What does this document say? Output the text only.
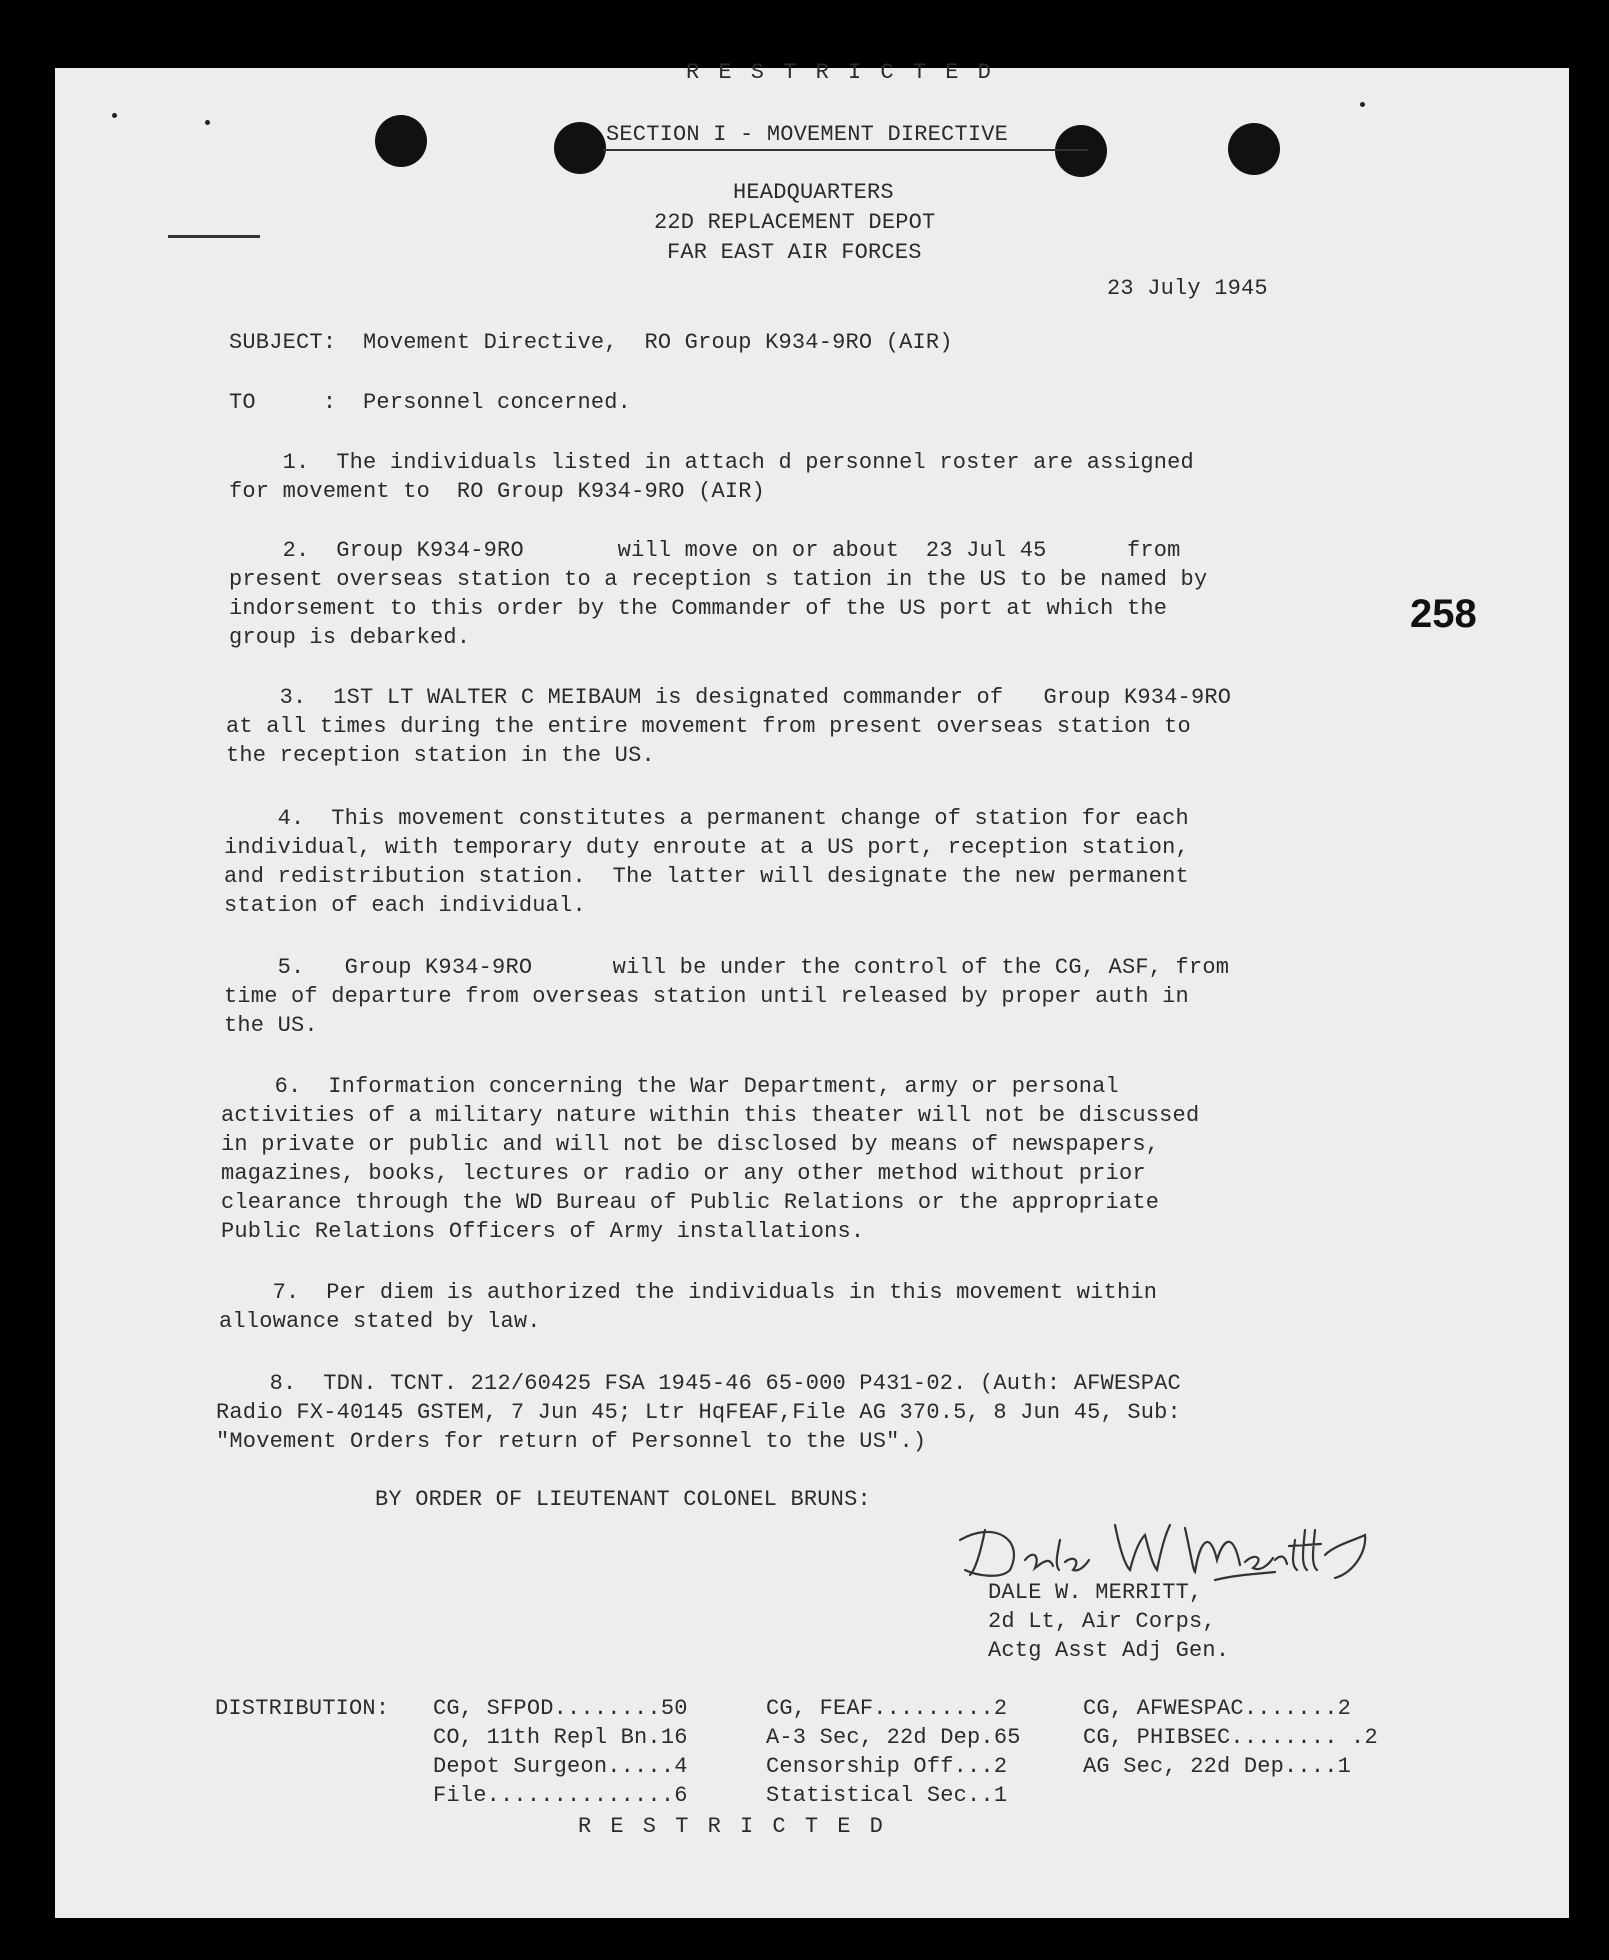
R E S T R I C T E D
SECTION I - MOVEMENT DIRECTIVE
HEADQUARTERS
22D REPLACEMENT DEPOT
FAR EAST AIR FORCES
23 July 1945
SUBJECT:  Movement Directive,  RO Group K934-9RO (AIR)
TO     :  Personnel concerned.
1.  The individuals listed in attach d personnel roster are assigned
for movement to  RO Group K934-9RO (AIR)
2.  Group K934-9RO       will move on or about  23 Jul 45      from
present overseas station to a reception s tation in the US to be named by
indorsement to this order by the Commander of the US port at which the
group is debarked.
258
3.  1ST LT WALTER C MEIBAUM is designated commander of   Group K934-9RO
at all times during the entire movement from present overseas station to
the reception station in the US.
4.  This movement constitutes a permanent change of station for each
individual, with temporary duty enroute at a US port, reception station,
and redistribution station.  The latter will designate the new permanent
station of each individual.
5.   Group K934-9RO      will be under the control of the CG, ASF, from
time of departure from overseas station until released by proper auth in
the US.
6.  Information concerning the War Department, army or personal
activities of a military nature within this theater will not be discussed
in private or public and will not be disclosed by means of newspapers,
magazines, books, lectures or radio or any other method without prior
clearance through the WD Bureau of Public Relations or the appropriate
Public Relations Officers of Army installations.
7.  Per diem is authorized the individuals in this movement within
allowance stated by law.
8.  TDN. TCNT. 212/60425 FSA 1945-46 65-000 P431-02. (Auth: AFWESPAC
Radio FX-40145 GSTEM, 7 Jun 45; Ltr HqFEAF,File AG 370.5, 8 Jun 45, Sub:
"Movement Orders for return of Personnel to the US".)
BY ORDER OF LIEUTENANT COLONEL BRUNS:
DALE W. MERRITT,
2d Lt, Air Corps,
Actg Asst Adj Gen.
DISTRIBUTION: CG, SFPOD........50
CO, 11th Repl Bn.16
Depot Surgeon.....4
File..............6
CG, FEAF.........2
A-3 Sec, 22d Dep.65
Censorship Off...2
Statistical Sec..1
CG, AFWESPAC.......2
CG, PHIBSEC........ .2
AG Sec, 22d Dep....1
R E S T R I C T E D
